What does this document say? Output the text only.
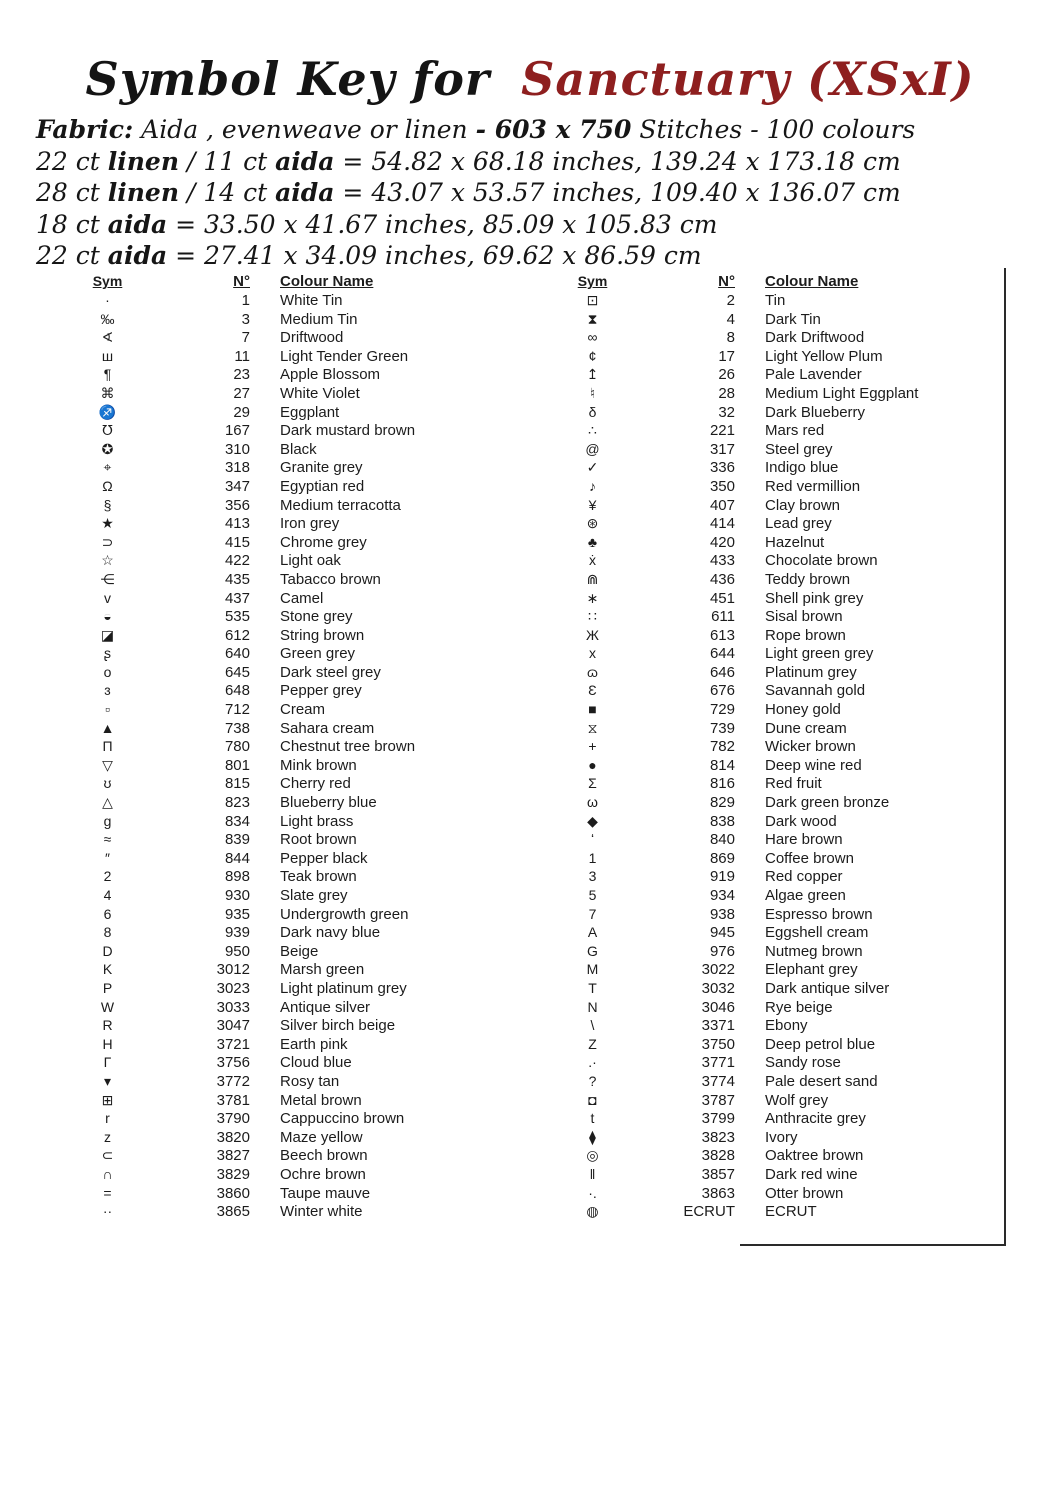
Symbol Key for Sanctuary (XSxI)
Fabric: Aida , evenweave or linen - 603 x 750 Stitches - 100 colours
22 ct linen / 11 ct aida = 54.82 x 68.18 inches, 139.24 x 173.18 cm
28 ct linen / 14 ct aida = 43.07 x 53.57 inches, 109.40 x 136.07 cm
18 ct aida = 33.50 x 41.67 inches, 85.09 x 105.83 cm
22 ct aida = 27.41 x 34.09 inches, 69.62 x 86.59 cm
Sym	N°	Colour Name
·	1	White Tin
‰	3	Medium Tin
∢	7	Driftwood
ш	11	Light Tender Green
¶	23	Apple Blossom
⌘	27	White Violet
♐	29	Eggplant
℧	167	Dark mustard brown
✪	310	Black
⌖	318	Granite grey
Ω	347	Egyptian red
§	356	Medium terracotta
★	413	Iron grey
⊃	415	Chrome grey
☆	422	Light oak
⋲	435	Tabacco brown
ᴠ	437	Camel
◒	535	Stone grey
◪	612	String brown
ʂ	640	Green grey
o	645	Dark steel grey
ɜ	648	Pepper grey
▫	712	Cream
▲	738	Sahara cream
Π	780	Chestnut tree brown
▽	801	Mink brown
ʊ	815	Cherry red
△	823	Blueberry blue
g	834	Light brass
≈	839	Root brown
″	844	Pepper black
2	898	Teak brown
4	930	Slate grey
6	935	Undergrowth green
8	939	Dark navy blue
D	950	Beige
K	3012	Marsh green
P	3023	Light platinum grey
W	3033	Antique silver
R	3047	Silver birch beige
H	3721	Earth pink
Γ	3756	Cloud blue
▾	3772	Rosy tan
⊞	3781	Metal brown
r	3790	Cappuccino brown
z	3820	Maze yellow
⊂	3827	Beech brown
∩	3829	Ochre brown
=	3860	Taupe mauve
··	3865	Winter white
Sym	N°	Colour Name
⊡	2	Tin
⧗	4	Dark Tin
∞	8	Dark Driftwood
¢	17	Light Yellow Plum
↥	26	Pale Lavender
♮	28	Medium Light Eggplant
δ	32	Dark Blueberry
∴	221	Mars red
@	317	Steel grey
✓	336	Indigo blue
♪	350	Red vermillion
¥	407	Clay brown
⊛	414	Lead grey
♣	420	Hazelnut
ẋ	433	Chocolate brown
⋒	436	Teddy brown
∗	451	Shell pink grey
∷	611	Sisal brown
Ж	613	Rope brown
x	644	Light green grey
ɷ	646	Platinum grey
Ɛ	676	Savannah gold
■	729	Honey gold
⧖	739	Dune cream
+	782	Wicker brown
●	814	Deep wine red
Σ	816	Red fruit
ω	829	Dark green bronze
◆	838	Dark wood
ʻ	840	Hare brown
1	869	Coffee brown
3	919	Red copper
5	934	Algae green
7	938	Espresso brown
A	945	Eggshell cream
G	976	Nutmeg brown
M	3022	Elephant grey
T	3032	Dark antique silver
N	3046	Rye beige
\	3371	Ebony
Z	3750	Deep petrol blue
.·	3771	Sandy rose
?	3774	Pale desert sand
◘	3787	Wolf grey
t	3799	Anthracite grey
⧫	3823	Ivory
◎	3828	Oaktree brown
ǁ	3857	Dark red wine
·.	3863	Otter brown
◍	ECRUT	ECRUT
